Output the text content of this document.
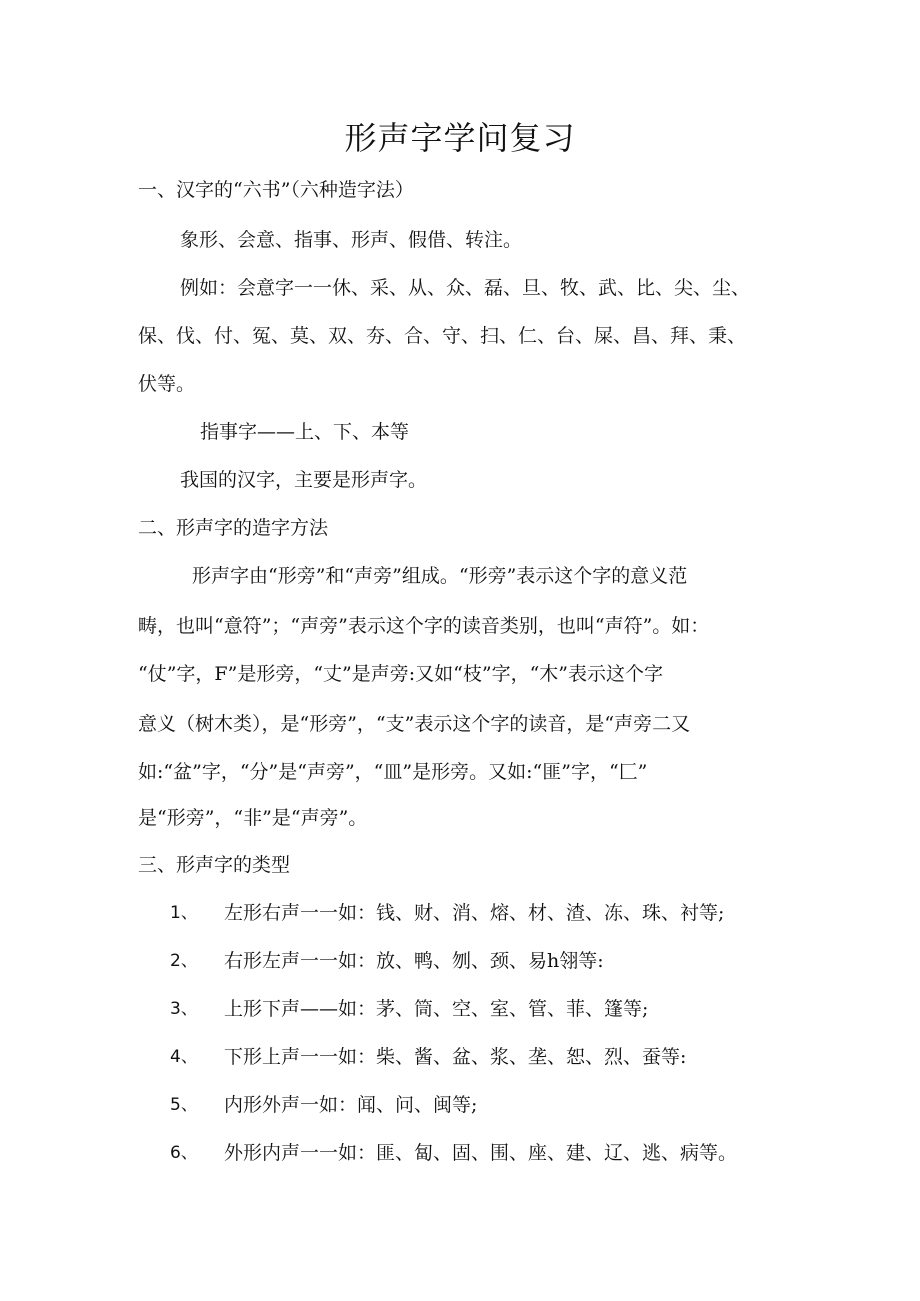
形声字学问复习
一、汉字的“六书”（六种造字法）
象形、会意、指事、形声、假借、转注。
例如：会意字一一休、采、从、众、磊、旦、牧、武、比、尖、尘、
保、伐、付、冤、莫、双、夯、合、守、扫、仁、台、屎、昌、拜、秉、
伏等。
指事字——上、下、本等
我国的汉字，主要是形声字。
二、形声字的造字方法
形声字由“形旁”和“声旁”组成。“形旁”表示这个字的意义范
畴，也叫“意符”；“声旁”表示这个字的读音类别，也叫“声符”。如：
“仗”字，F”是形旁，“丈”是声旁:又如“枝”字，“木”表示这个字
意义（树木类），是“形旁”，“支”表示这个字的读音，是“声旁二又
如:“盆”字，“分”是“声旁”，“皿”是形旁。又如:“匪”字，“匚”
是“形旁”，“非”是“声旁”。
三、形声字的类型
1、 左形右声一一如：钱、财、消、熔、材、渣、冻、珠、衬等;
2、 右形左声一一如：放、鸭、刎、颈、易h翎等:
3、 上形下声——如：茅、筒、空、室、管、菲、篷等;
4、 下形上声一一如：柴、酱、盆、浆、垄、恕、烈、蚕等:
5、 内形外声一如：闻、问、闽等;
6、 外形内声一一如：匪、匐、固、围、座、建、辽、逃、病等。
